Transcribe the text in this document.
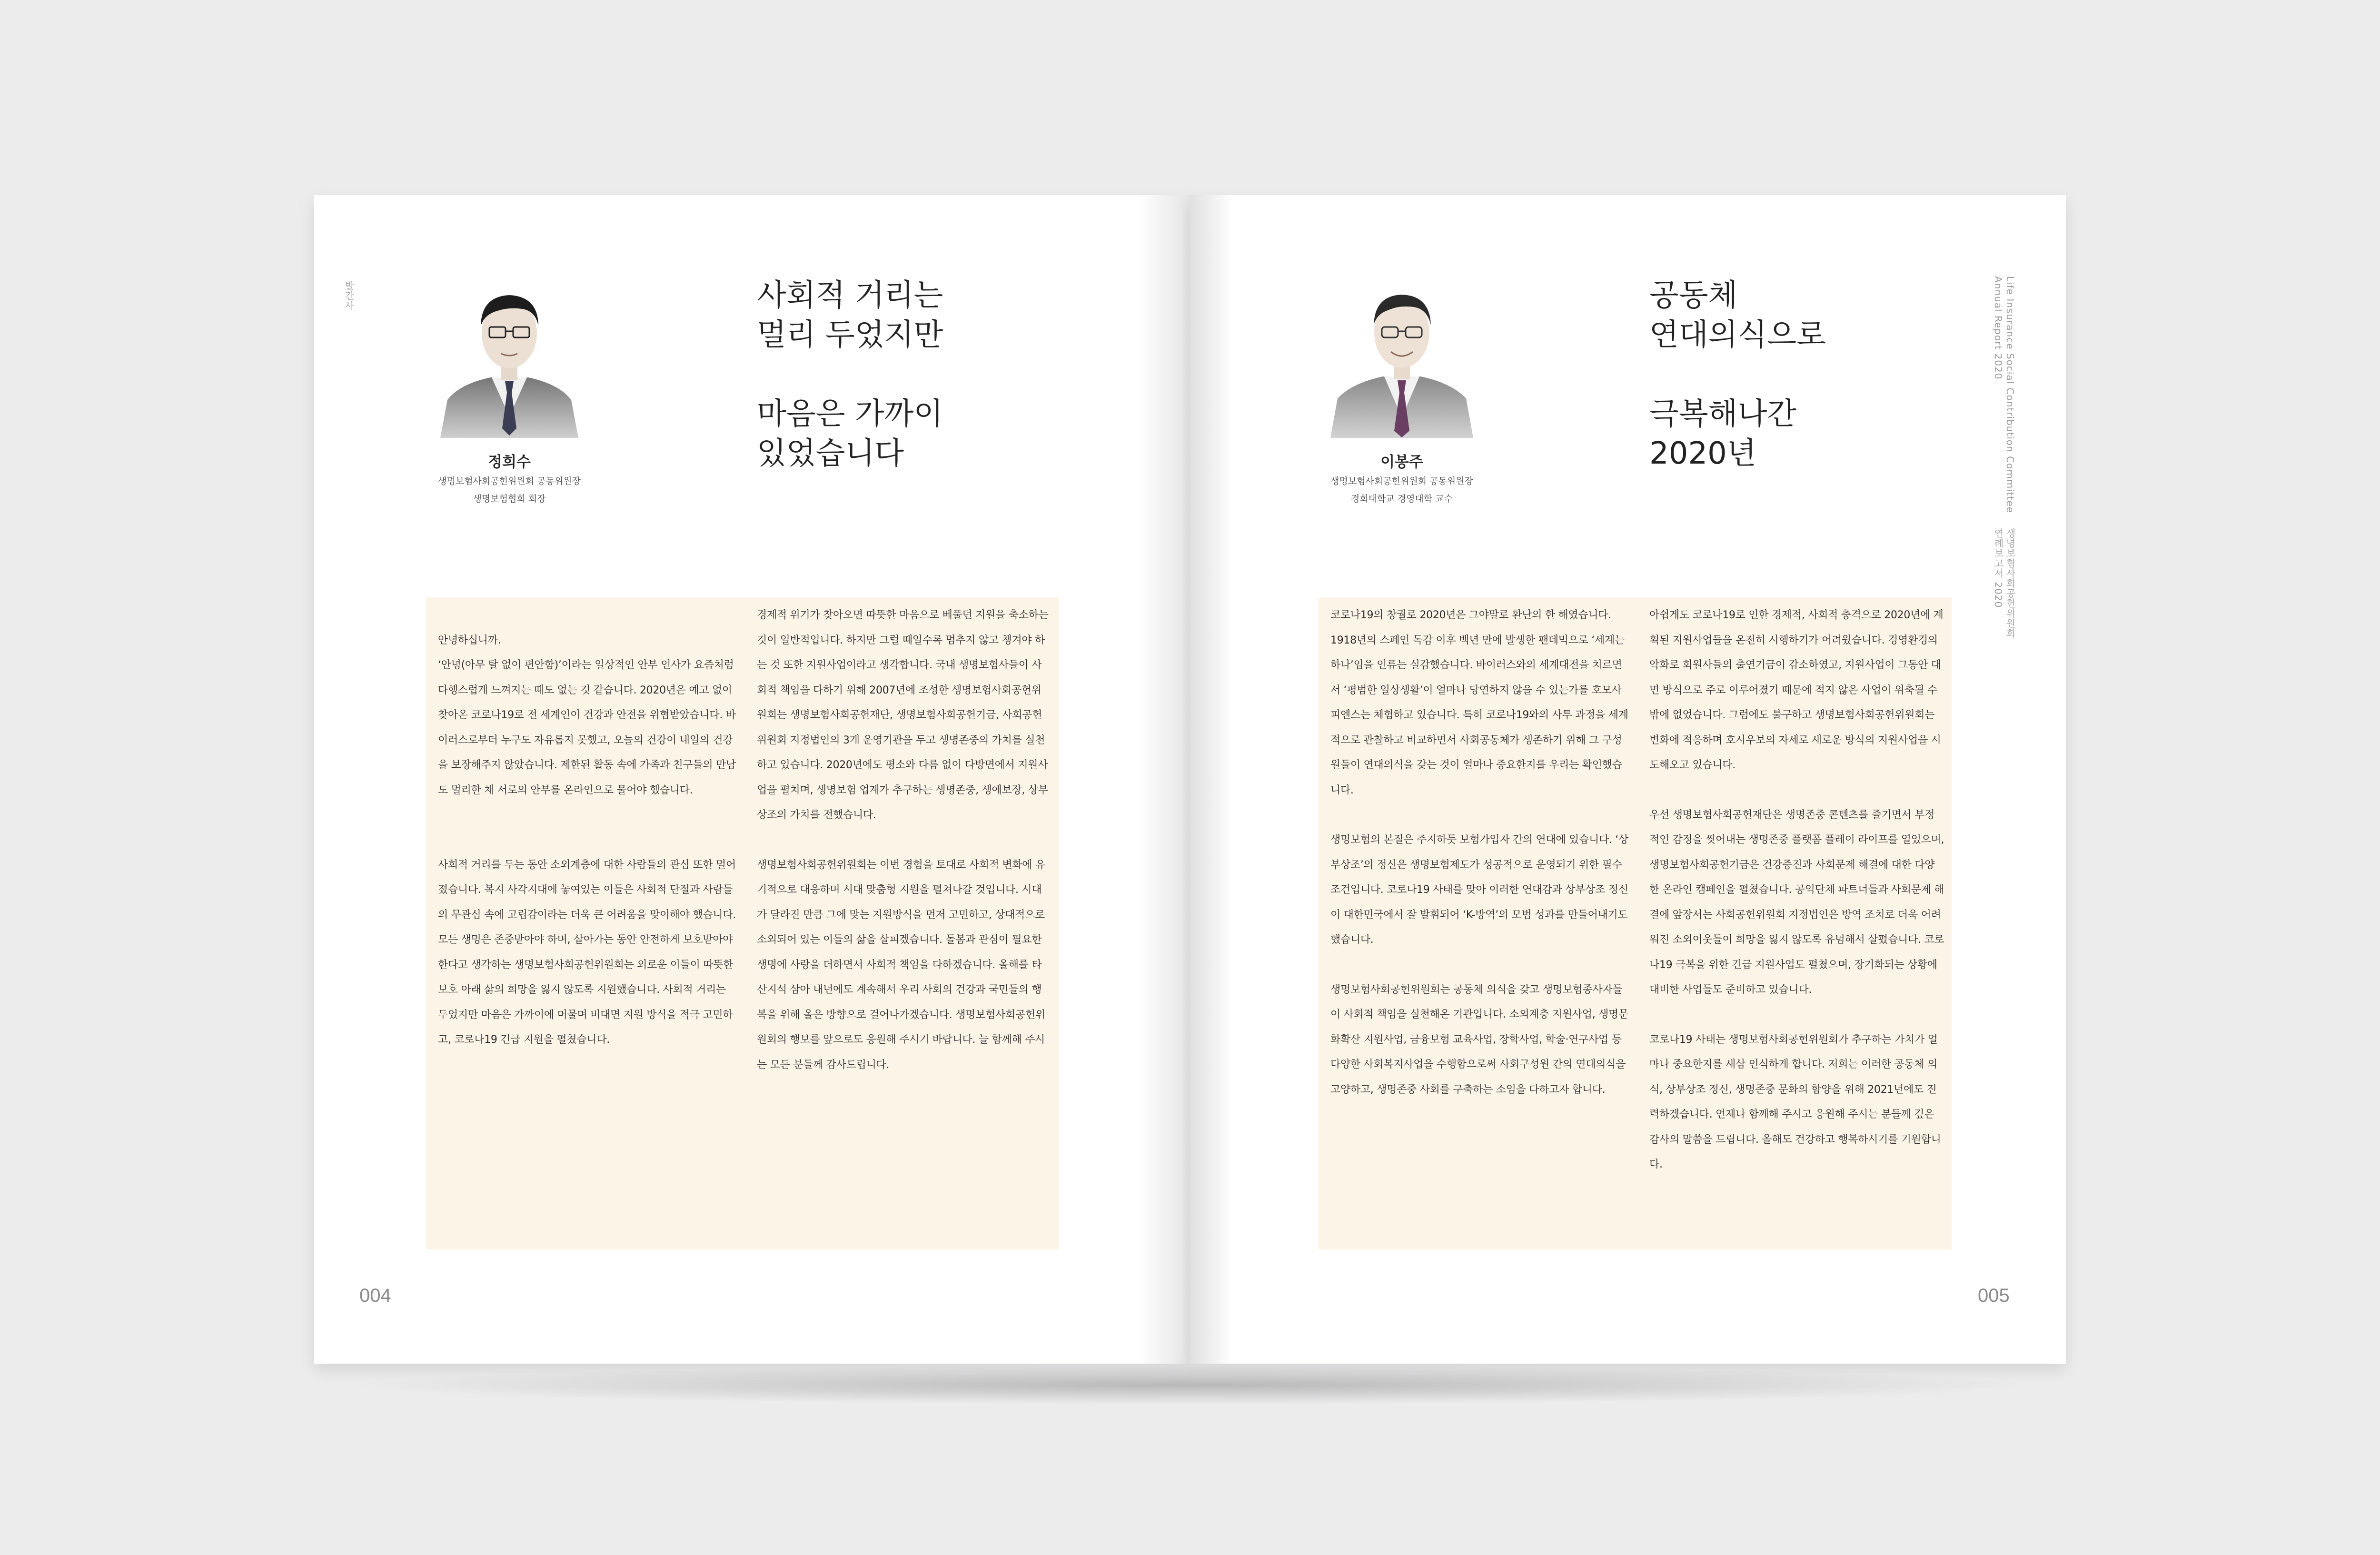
발간사
정희수
생명보험사회공헌위원회 공동위원장
생명보험협회 회장
사회적 거리는
멀리 두었지만

마음은 가까이
있었습니다

안녕하십니까.
‘안녕(아무 탈 없이 편안함)’이라는 일상적인 안부 인사가 요즘처럼 다행스럽게 느껴지는 때도 없는 것 같습니다. 2020년은 예고 없이 찾아온 코로나19로 전 세계인이 건강과 안전을 위협받았습니다. 바이러스로부터 누구도 자유롭지 못했고, 오늘의 건강이 내일의 건강을 보장해주지 않았습니다. 제한된 활동 속에 가족과 친구들의 만남도 멀리한 채 서로의 안부를 온라인으로 물어야 했습니다.

사회적 거리를 두는 동안 소외계층에 대한 사람들의 관심 또한 멀어졌습니다. 복지 사각지대에 놓여있는 이들은 사회적 단절과 사람들의 무관심 속에 고립감이라는 더욱 큰 어려움을 맞이해야 했습니다. 모든 생명은 존중받아야 하며, 살아가는 동안 안전하게 보호받아야 한다고 생각하는 생명보험사회공헌위원회는 외로운 이들이 따뜻한 보호 아래 삶의 희망을 잃지 않도록 지원했습니다. 사회적 거리는 두었지만 마음은 가까이에 머물며 비대면 지원 방식을 적극 고민하고, 코로나19 긴급 지원을 펼쳤습니다.

경제적 위기가 찾아오면 따뜻한 마음으로 베풀던 지원을 축소하는 것이 일반적입니다. 하지만 그럴 때일수록 멈추지 않고 챙겨야 하는 것 또한 지원사업이라고 생각합니다. 국내 생명보험사들이 사회적 책임을 다하기 위해 2007년에 조성한 생명보험사회공헌위원회는 생명보험사회공헌재단, 생명보험사회공헌기금, 사회공헌위원회 지정법인의 3개 운영기관을 두고 생명존중의 가치를 실천하고 있습니다. 2020년에도 평소와 다름 없이 다방면에서 지원사업을 펼치며, 생명보험 업계가 추구하는 생명존중, 생애보장, 상부상조의 가치를 전했습니다.

생명보험사회공헌위원회는 이번 경험을 토대로 사회적 변화에 유기적으로 대응하며 시대 맞춤형 지원을 펼쳐나갈 것입니다. 시대가 달라진 만큼 그에 맞는 지원방식을 먼저 고민하고, 상대적으로 소외되어 있는 이들의 삶을 살피겠습니다. 돌봄과 관심이 필요한 생명에 사랑을 더하면서 사회적 책임을 다하겠습니다. 올해를 타산지석 삼아 내년에도 계속해서 우리 사회의 건강과 국민들의 행복을 위해 올은 방향으로 걸어나가겠습니다. 생명보험사회공헌위원회의 행보를 앞으로도 응원해 주시기 바랍니다. 늘 함께해 주시는 모든 분들께 감사드립니다.

004
Life Insurance Social Contribution Committee
Annual Report 2020
생명보험사회공헌위원회
연례보고서 2020
이봉주
생명보험사회공헌위원회 공동위원장
경희대학교 경영대학 교수
공동체
연대의식으로

극복해나간
2020년

코로나19의 창궐로 2020년은 그야말로 환난의 한 해였습니다. 1918년의 스페인 독감 이후 백년 만에 발생한 팬데믹으로 ‘세계는 하나’임을 인류는 실감했습니다. 바이러스와의 세계대전을 치르면서 ‘평범한 일상생활’이 얼마나 당연하지 않을 수 있는가를 호모사피엔스는 체험하고 있습니다. 특히 코로나19와의 사투 과정을 세계적으로 관찰하고 비교하면서 사회공동체가 생존하기 위해 그 구성원들이 연대의식을 갖는 것이 얼마나 중요한지를 우리는 확인했습니다.

생명보험의 본질은 주지하듯 보험가입자 간의 연대에 있습니다. ‘상부상조’의 정신은 생명보험제도가 성공적으로 운영되기 위한 필수 조건입니다. 코로나19 사태를 맞아 이러한 연대감과 상부상조 정신이 대한민국에서 잘 발휘되어 ‘K-방역’의 모범 성과를 만들어내기도 했습니다.

생명보험사회공헌위원회는 공동체 의식을 갖고 생명보험종사자들이 사회적 책임을 실천해온 기관입니다. 소외계층 지원사업, 생명문화확산 지원사업, 금융보험 교육사업, 장학사업, 학술·연구사업 등 다양한 사회복지사업을 수행함으로써 사회구성원 간의 연대의식을 고양하고, 생명존중 사회를 구축하는 소임을 다하고자 합니다.

아쉽게도 코로나19로 인한 경제적, 사회적 충격으로 2020년에 계획된 지원사업들을 온전히 시행하기가 어려웠습니다. 경영환경의 악화로 회원사들의 출연기금이 감소하였고, 지원사업이 그동안 대면 방식으로 주로 이루어졌기 때문에 적지 않은 사업이 위축될 수밖에 없었습니다. 그럼에도 불구하고 생명보험사회공헌위원회는 변화에 적응하며 호시우보의 자세로 새로운 방식의 지원사업을 시도해오고 있습니다.

우선 생명보험사회공헌재단은 생명존중 콘텐츠를 즐기면서 부정적인 감정을 씻어내는 생명존중 플랫폼 플레이 라이프를 열었으며, 생명보험사회공헌기금은 건강증진과 사회문제 해결에 대한 다양한 온라인 캠페인을 펼쳤습니다. 공익단체 파트너들과 사회문제 해결에 앞장서는 사회공헌위원회 지정법인은 방역 조치로 더욱 어려워진 소외이웃들이 희망을 잃지 않도록 유념해서 살폈습니다. 코로나19 극복을 위한 긴급 지원사업도 펼쳤으며, 장기화되는 상황에 대비한 사업들도 준비하고 있습니다.

코로나19 사태는 생명보험사회공헌위원회가 추구하는 가치가 얼마나 중요한지를 새삼 인식하게 합니다. 저희는 이러한 공동체 의식, 상부상조 정신, 생명존중 문화의 함양을 위해 2021년에도 진력하겠습니다. 언제나 함께해 주시고 응원해 주시는 분들께 깊은 감사의 말씀을 드립니다. 올해도 건강하고 행복하시기를 기원합니다.

005
